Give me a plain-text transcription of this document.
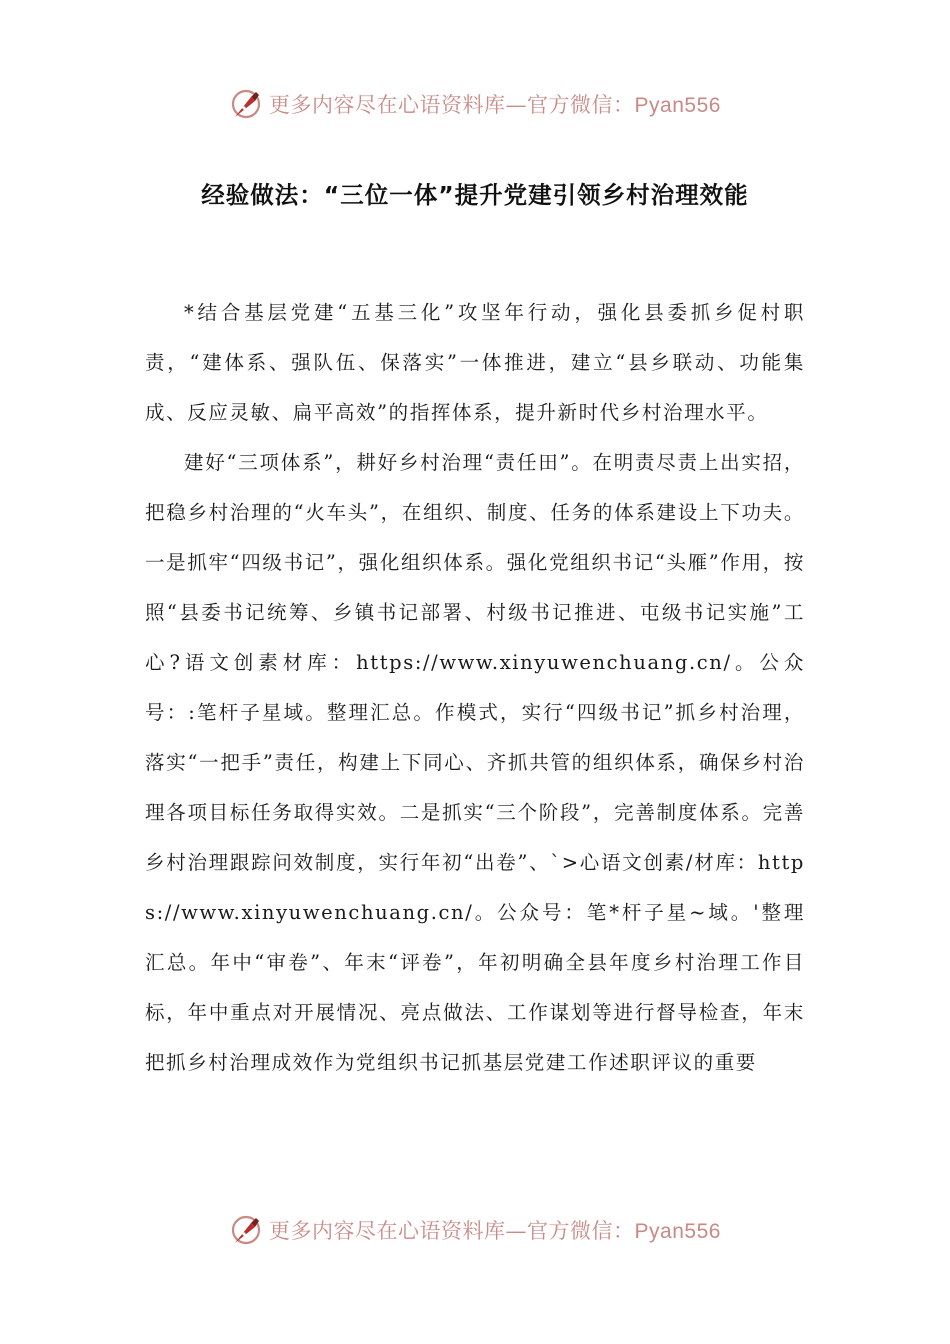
更多内容尽在心语资料库—官方微信：Pyan556
经验做法：“三位一体”提升党建引领乡村治理效能

*结合基层党建“五基三化”攻坚年行动，强化县委抓乡促村职责，“建体系、强队伍、保落实”一体推进，建立“县乡联动、功能集成、反应灵敏、扁平高效”的指挥体系，提升新时代乡村治理水平。

建好“三项体系”，耕好乡村治理“责任田”。在明责尽责上出实招，把稳乡村治理的“火车头”，在组织、制度、任务的体系建设上下功夫。一是抓牢“四级书记”，强化组织体系。强化党组织书记“头雁”作用，按照“县委书记统筹、乡镇书记部署、村级书记推进、屯级书记实施”工心?语文创素材库：https://www.xinyuwenchuang.cn/。公众号：:笔杆子星域。整理汇总。作模式，实行“四级书记”抓乡村治理，落实“一把手”责任，构建上下同心、齐抓共管的组织体系，确保乡村治理各项目标任务取得实效。二是抓实“三个阶段”，完善制度体系。完善乡村治理跟踪问效制度，实行年初“出卷”、`>心语文创素/材库：https://www.xinyuwenchuang.cn/。公众号：笔*杆子星~域。'整理汇总。年中“审卷”、年末“评卷”，年初明确全县年度乡村治理工作目标，年中重点对开展情况、亮点做法、工作谋划等进行督导检查，年末把抓乡村治理成效作为党组织书记抓基层党建工作述职评议的重要

更多内容尽在心语资料库—官方微信：Pyan556
